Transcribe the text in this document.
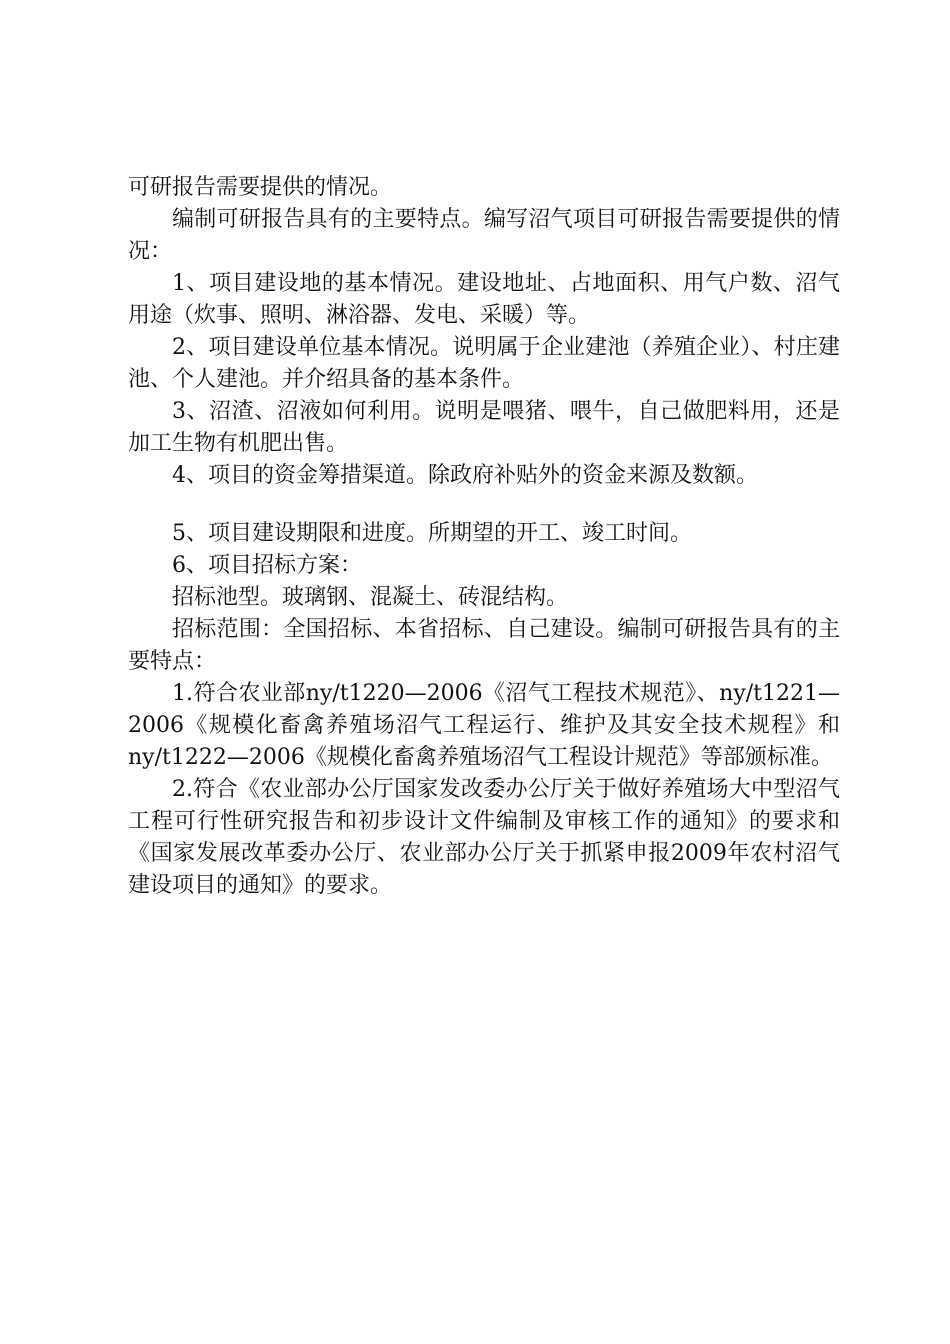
可研报告需要提供的情况。

编制可研报告具有的主要特点。编写沼气项目可研报告需要提供的情况：

1、项目建设地的基本情况。建设地址、占地面积、用气户数、沼气用途（炊事、照明、淋浴器、发电、采暖）等。

2、项目建设单位基本情况。说明属于企业建池（养殖企业）、村庄建池、个人建池。并介绍具备的基本条件。

3、沼渣、沼液如何利用。说明是喂猪、喂牛，自己做肥料用，还是加工生物有机肥出售。

4、项目的资金筹措渠道。除政府补贴外的资金来源及数额。

5、项目建设期限和进度。所期望的开工、竣工时间。

6、项目招标方案：

招标池型。玻璃钢、混凝土、砖混结构。

招标范围：全国招标、本省招标、自己建设。编制可研报告具有的主要特点：

1.符合农业部ny/t1220—2006《沼气工程技术规范》、ny/t1221—2006《规模化畜禽养殖场沼气工程运行、维护及其安全技术规程》和ny/t1222—2006《规模化畜禽养殖场沼气工程设计规范》等部颁标准。

2.符合《农业部办公厅国家发改委办公厅关于做好养殖场大中型沼气工程可行性研究报告和初步设计文件编制及审核工作的通知》的要求和《国家发展改革委办公厅、农业部办公厅关于抓紧申报2009年农村沼气建设项目的通知》的要求。
